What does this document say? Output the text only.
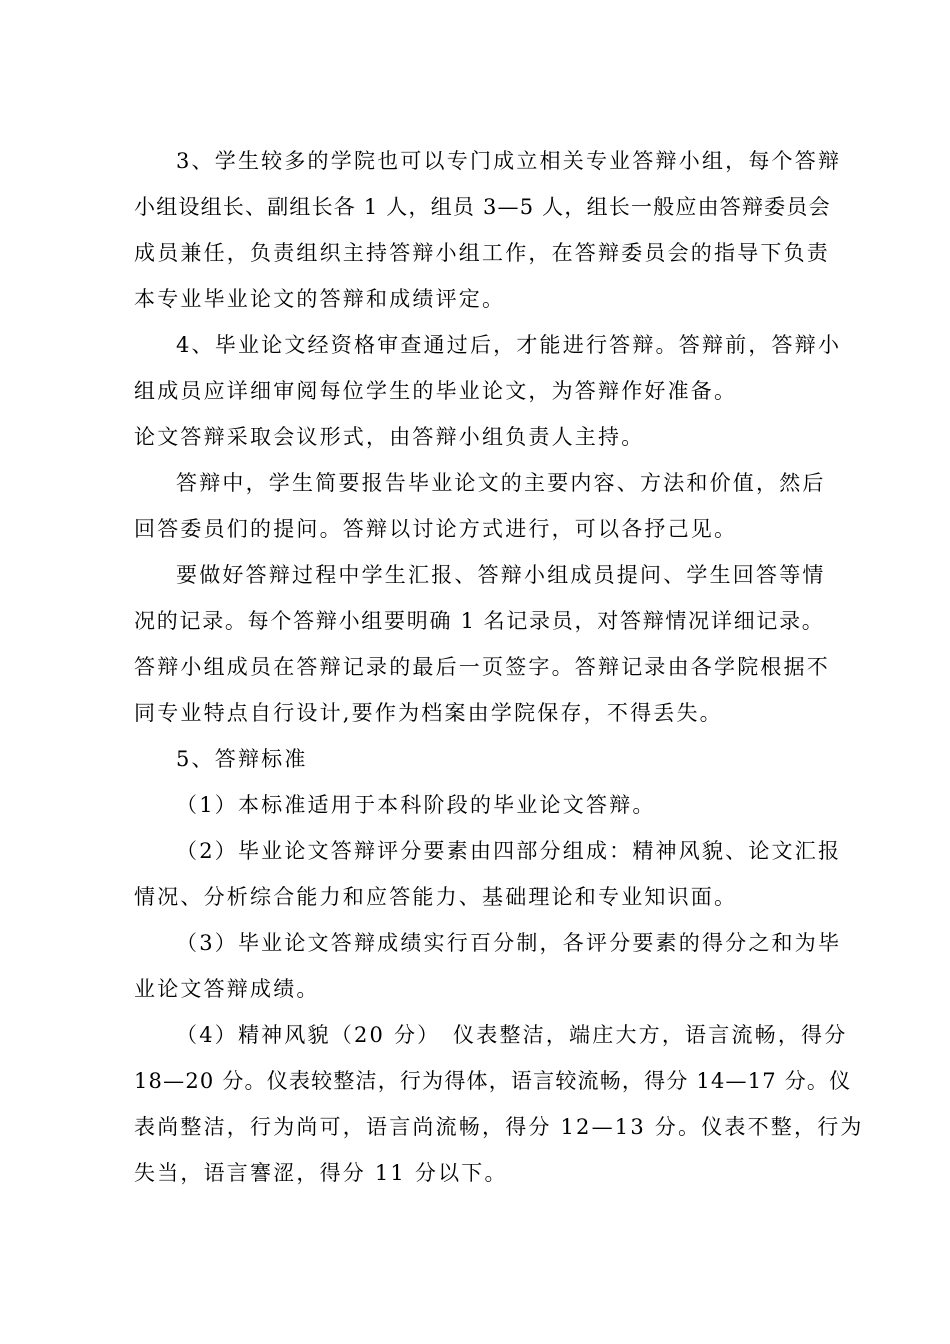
3、学生较多的学院也可以专门成立相关专业答辩小组，每个答辩
小组设组长、副组长各 1 人，组员 3—5 人，组长一般应由答辩委员会
成员兼任，负责组织主持答辩小组工作，在答辩委员会的指导下负责
本专业毕业论文的答辩和成绩评定。
4、毕业论文经资格审查通过后，才能进行答辩。答辩前，答辩小
组成员应详细审阅每位学生的毕业论文，为答辩作好准备。
论文答辩采取会议形式，由答辩小组负责人主持。
答辩中，学生简要报告毕业论文的主要内容、方法和价值，然后
回答委员们的提问。答辩以讨论方式进行，可以各抒己见。
要做好答辩过程中学生汇报、答辩小组成员提问、学生回答等情
况的记录。每个答辩小组要明确 1 名记录员，对答辩情况详细记录。
答辩小组成员在答辩记录的最后一页签字。答辩记录由各学院根据不
同专业特点自行设计,要作为档案由学院保存，不得丢失。
5、答辩标准
（1）本标准适用于本科阶段的毕业论文答辩。
（2）毕业论文答辩评分要素由四部分组成：精神风貌、论文汇报
情况、分析综合能力和应答能力、基础理论和专业知识面。
（3）毕业论文答辩成绩实行百分制，各评分要素的得分之和为毕
业论文答辩成绩。
（4）精神风貌（20 分）　仪表整洁，端庄大方，语言流畅，得分
18—20 分。仪表较整洁，行为得体，语言较流畅，得分 14—17 分。仪
表尚整洁，行为尚可，语言尚流畅，得分 12—13 分。仪表不整，行为
失当，语言謇涩，得分 11 分以下。
